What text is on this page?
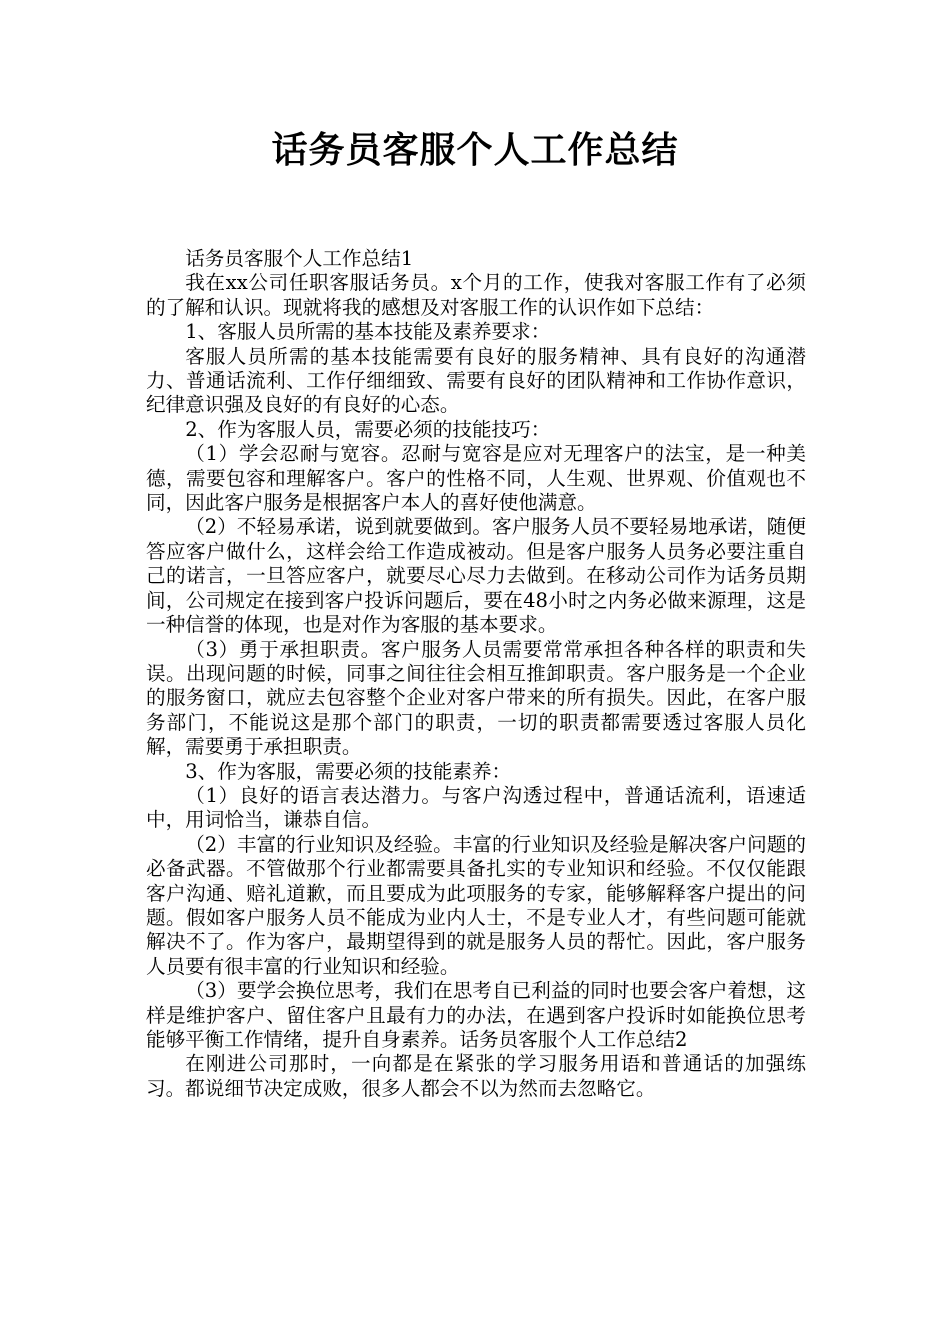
话务员客服个人工作总结

话务员客服个人工作总结1

我在xx公司任职客服话务员。x个月的工作，使我对客服工作有了必须的了解和认识。现就将我的感想及对客服工作的认识作如下总结：

1、客服人员所需的基本技能及素养要求：

客服人员所需的基本技能需要有良好的服务精神、具有良好的沟通潜力、普通话流利、工作仔细细致、需要有良好的团队精神和工作协作意识，纪律意识强及良好的有良好的心态。

2、作为客服人员，需要必须的技能技巧：

（1）学会忍耐与宽容。忍耐与宽容是应对无理客户的法宝，是一种美德，需要包容和理解客户。客户的性格不同，人生观、世界观、价值观也不同，因此客户服务是根据客户本人的喜好使他满意。

（2）不轻易承诺，说到就要做到。客户服务人员不要轻易地承诺，随便答应客户做什么，这样会给工作造成被动。但是客户服务人员务必要注重自己的诺言，一旦答应客户，就要尽心尽力去做到。在移动公司作为话务员期间，公司规定在接到客户投诉问题后，要在48小时之内务必做来源理，这是一种信誉的体现，也是对作为客服的基本要求。

（3）勇于承担职责。客户服务人员需要常常承担各种各样的职责和失误。出现问题的时候，同事之间往往会相互推卸职责。客户服务是一个企业的服务窗口，就应去包容整个企业对客户带来的所有损失。因此，在客户服务部门，不能说这是那个部门的职责，一切的职责都需要透过客服人员化解，需要勇于承担职责。

3、作为客服，需要必须的技能素养：

（1）良好的语言表达潜力。与客户沟透过程中，普通话流利，语速适中，用词恰当，谦恭自信。

（2）丰富的行业知识及经验。丰富的行业知识及经验是解决客户问题的必备武器。不管做那个行业都需要具备扎实的专业知识和经验。不仅仅能跟客户沟通、赔礼道歉，而且要成为此项服务的专家，能够解释客户提出的问题。假如客户服务人员不能成为业内人士，不是专业人才，有些问题可能就解决不了。作为客户，最期望得到的就是服务人员的帮忙。因此，客户服务人员要有很丰富的行业知识和经验。

（3）要学会换位思考，我们在思考自已利益的同时也要会客户着想，这样是维护客户、留住客户且最有力的办法，在遇到客户投诉时如能换位思考能够平衡工作情绪，提升自身素养。话务员客服个人工作总结2

在刚进公司那时，一向都是在紧张的学习服务用语和普通话的加强练习。都说细节决定成败，很多人都会不以为然而去忽略它。
